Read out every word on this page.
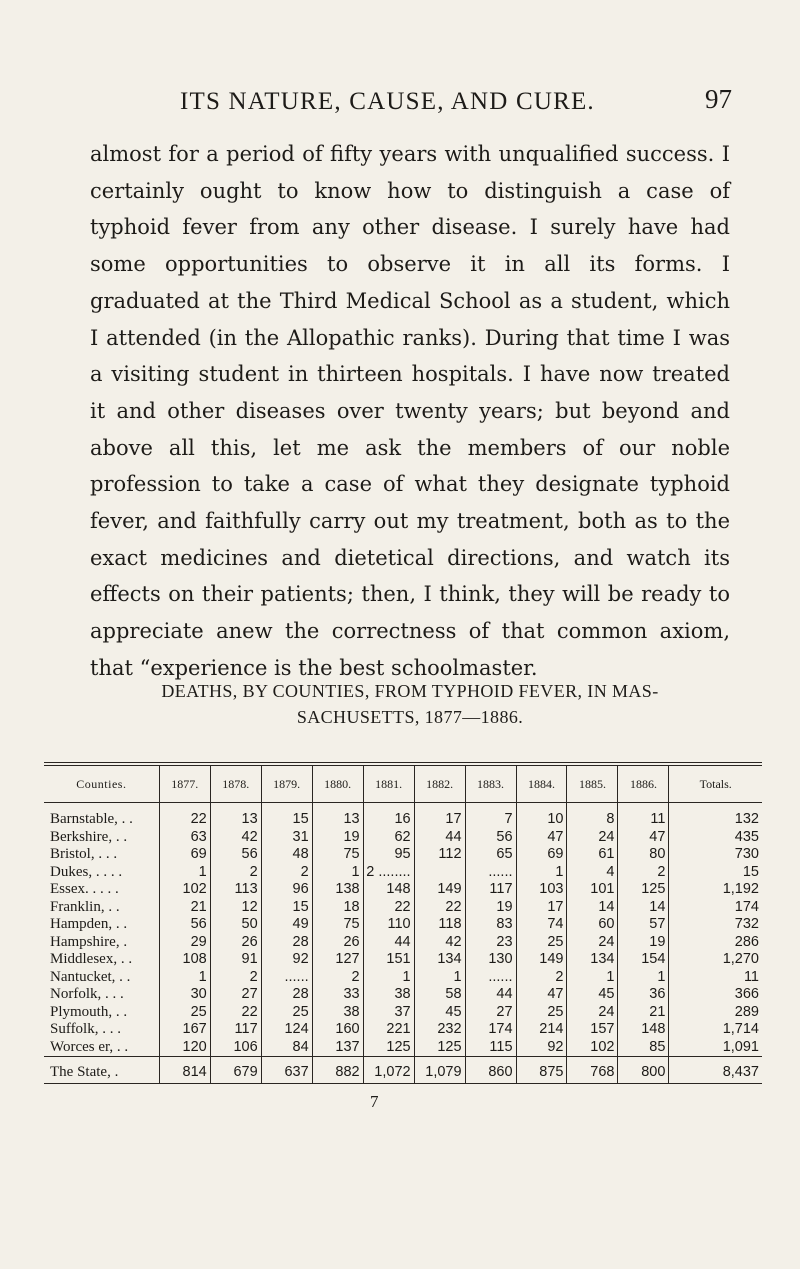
ITS NATURE, CAUSE, AND CURE.	97

almost for a period of fifty years with unqualified success. I certainly ought to know how to distinguish a case of typhoid fever from any other disease. I surely have had some opportunities to observe it in all its forms. I graduated at the Third Medical School as a student, which I attended (in the Allopathic ranks). During that time I was a visiting student in thirteen hospitals. I have now treated it and other diseases over twenty years; but beyond and above all this, let me ask the members of our noble profession to take a case of what they designate typhoid fever, and faithfully carry out my treatment, both as to the exact medicines and dietetical directions, and watch its effects on their patients; then, I think, they will be ready to appreciate anew the correctness of that common axiom, that “experience is the best schoolmaster.

DEATHS, BY COUNTIES, FROM TYPHOID FEVER, IN MAS-
SACHUSETTS, 1877—1886.
Counties.	1877.	1878.	1879.	1880.	1881.	1882.	1883.	1884.	1885.	1886.	Totals.
Barnstable, . .	22	13	15	13	16	17	7	10	8	11	132
Berkshire, . .	63	42	31	19	62	44	56	47	24	47	435
Bristol, . . .	69	56	48	75	95	112	65	69	61	80	730
Dukes, . . . .	1	2	2	1	2 ........		......	1	4	2	15
Essex. . . . .	102	113	96	138	148	149	117	103	101	125	1,192
Franklin, . .	21	12	15	18	22	22	19	17	14	14	174
Hampden, . .	56	50	49	75	110	118	83	74	60	57	732
Hampshire, .	29	26	28	26	44	42	23	25	24	19	286
Middlesex, . .	108	91	92	127	151	134	130	149	134	154	1,270
Nantucket, . .	1	2	......	2	1	1	......	2	1	1	11
Norfolk, . . .	30	27	28	33	38	58	44	47	45	36	366
Plymouth, . .	25	22	25	38	37	45	27	25	24	21	289
Suffolk, . . .	167	117	124	160	221	232	174	214	157	148	1,714
Worces er, . .	120	106	84	137	125	125	115	92	102	85	1,091
The State, .	814	679	637	882	1,072	1,079	860	875	768	800	8,437
7
